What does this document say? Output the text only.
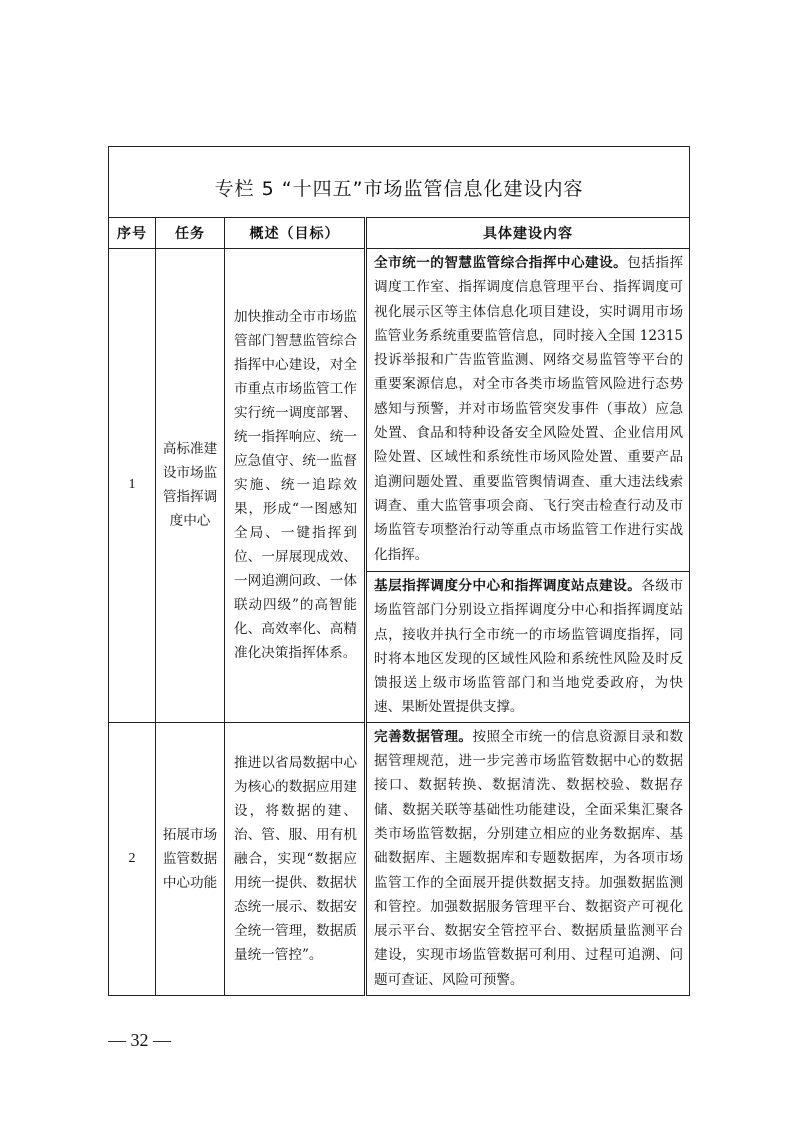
专栏 5 “十四五”市场监管信息化建设内容			
序号	任务	概述（目标）	具体建设内容
1	高标准建设市场监管指挥调度中心	加快推动全市市场监管部门智慧监管综合指挥中心建设，对全市重点市场监管工作实行统一调度部署、统一指挥响应、统一应急值守、统一监督实施、统一追踪效果，形成“一图感知全局、一键指挥到位、一屏展现成效、一网追溯问政、一体联动四级”的高智能化、高效率化、高精准化决策指挥体系。	全市统一的智慧监管综合指挥中心建设。包括指挥调度工作室、指挥调度信息管理平台、指挥调度可视化展示区等主体信息化项目建设，实时调用市场监管业务系统重要监管信息，同时接入全国 12315 投诉举报和广告监管监测、网络交易监管等平台的重要案源信息，对全市各类市场监管风险进行态势感知与预警，并对市场监管突发事件（事故）应急处置、食品和特种设备安全风险处置、企业信用风险处置、区域性和系统性市场风险处置、重要产品追溯问题处置、重要监管舆情调查、重大违法线索调查、重大监管事项会商、飞行突击检查行动及市场监管专项整治行动等重点市场监管工作进行实战化指挥。
			基层指挥调度分中心和指挥调度站点建设。各级市场监管部门分别设立指挥调度分中心和指挥调度站点，接收并执行全市统一的市场监管调度指挥，同时将本地区发现的区域性风险和系统性风险及时反馈报送上级市场监管部门和当地党委政府，为快速、果断处置提供支撑。
2	拓展市场监管数据中心功能	推进以省局数据中心为核心的数据应用建设，将数据的建、治、管、服、用有机融合，实现“数据应用统一提供、数据状态统一展示、数据安全统一管理，数据质量统一管控”。	完善数据管理。按照全市统一的信息资源目录和数据管理规范，进一步完善市场监管数据中心的数据接口、数据转换、数据清洗、数据校验、数据存储、数据关联等基础性功能建设，全面采集汇聚各类市场监管数据，分别建立相应的业务数据库、基础数据库、主题数据库和专题数据库，为各项市场监管工作的全面展开提供数据支持。加强数据监测和管控。加强数据服务管理平台、数据资产可视化展示平台、数据安全管控平台、数据质量监测平台建设，实现市场监管数据可利用、过程可追溯、问题可查证、风险可预警。
— 32 —
